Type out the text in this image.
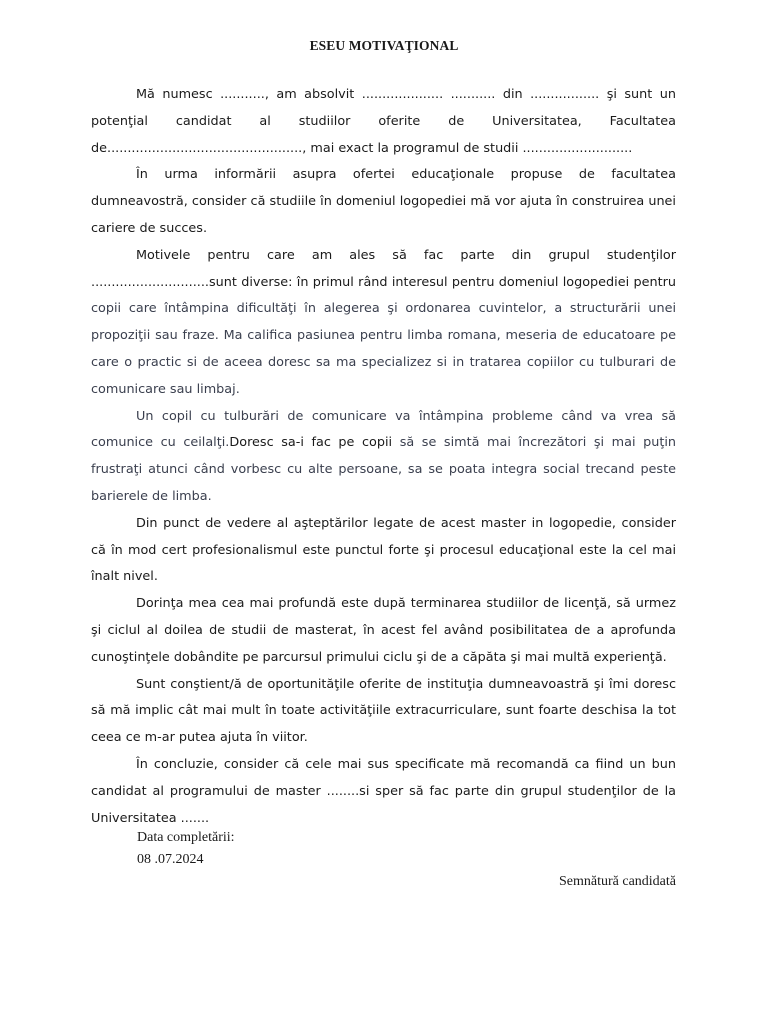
ESEU MOTIVAŢIONAL

Mă numesc ..........., am absolvit .................... ........... din ................. şi sunt un potenţial candidat al studiilor oferite de Universitatea, Facultatea de................................................, mai exact la programul de studii ...........................

În urma informării asupra ofertei educaţionale propuse de facultatea dumneavostră, consider că studiile în domeniul logopediei mă vor ajuta în construirea unei cariere de succes.

Motivele pentru care am ales să fac parte din grupul studenţilor .............................sunt diverse: în primul rând interesul pentru domeniul logopediei pentru copii care întâmpina dificultăţi în alegerea şi ordonarea cuvintelor, a structurării unei propoziţii sau fraze. Ma califica pasiunea pentru limba romana, meseria de educatoare pe care o practic si de aceea doresc sa ma specializez si in tratarea copiilor cu tulburari de comunicare sau limbaj.

Un copil cu tulburări de comunicare va întâmpina probleme când va vrea să comunice cu ceilalţi.Doresc sa-i fac pe copii să se simtă mai încrezători şi mai puţin frustraţi atunci când vorbesc cu alte persoane, sa se poata integra social trecand peste barierele de limba.

Din punct de vedere al aşteptărilor legate de acest master in logopedie, consider că în mod cert profesionalismul este punctul forte şi procesul educaţional este la cel mai înalt nivel.

Dorinţa mea cea mai profundă este după terminarea studiilor de licenţă, să urmez şi ciclul al doilea de studii de masterat, în acest fel având posibilitatea de a aprofunda cunoştinţele dobândite pe parcursul primului ciclu şi de a căpăta şi mai multă experienţă.

Sunt conştient/ă de oportunităţile oferite de instituţia dumneavoastră şi îmi doresc să mă implic cât mai mult în toate activităţiile extracurriculare, sunt foarte deschisa la tot ceea ce m-ar putea ajuta în viitor.

În concluzie, consider că cele mai sus specificate mă recomandă ca fiind un bun candidat al programului de master ........si sper să fac parte din grupul studenţilor de la Universitatea .......

Data completării:
08 .07.2024
Semnătură candidată
